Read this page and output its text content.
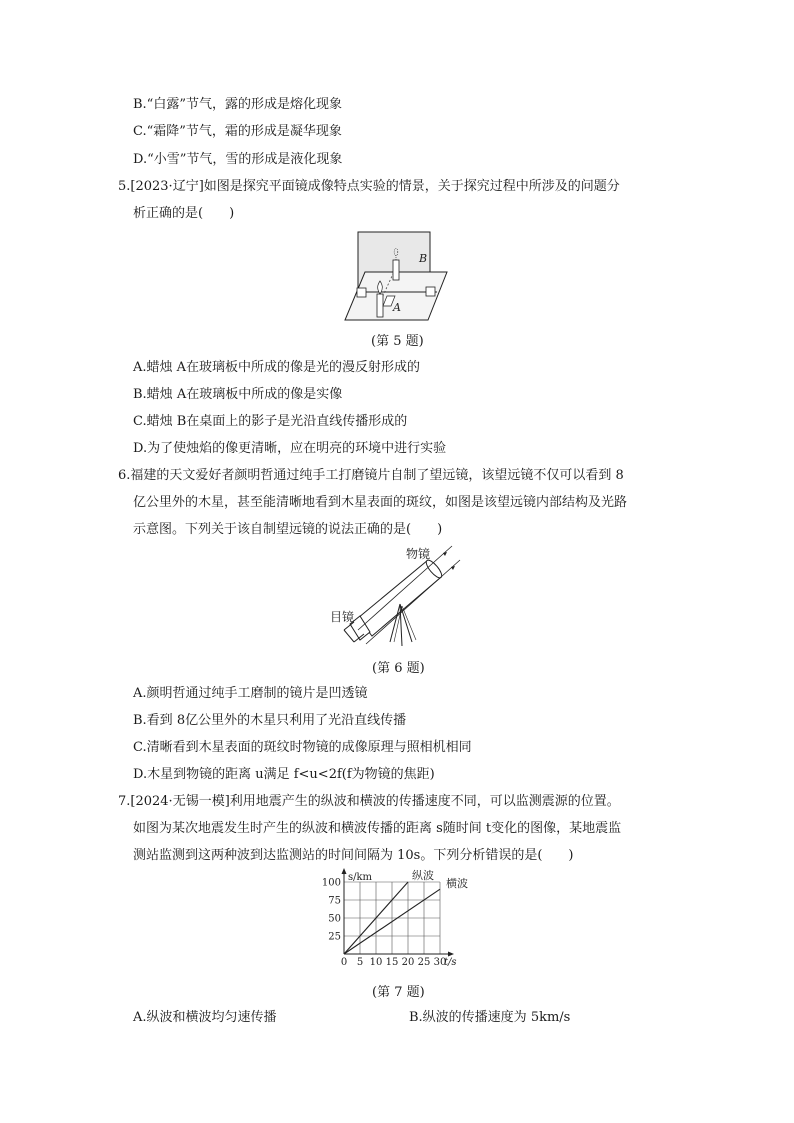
B.“白露”节气，露的形成是熔化现象
C.“霜降”节气，霜的形成是凝华现象
D.“小雪”节气，雪的形成是液化现象
5.[2023·辽宁]如图是探究平面镜成像特点实验的情景，关于探究过程中所涉及的问题分
析正确的是(　　)
B
A
(第 5 题)
A.蜡烛 A在玻璃板中所成的像是光的漫反射形成的
B.蜡烛 A在玻璃板中所成的像是实像
C.蜡烛 B在桌面上的影子是光沿直线传播形成的
D.为了使烛焰的像更清晰，应在明亮的环境中进行实验
6.福建的天文爱好者颜明哲通过纯手工打磨镜片自制了望远镜，该望远镜不仅可以看到 8
亿公里外的木星，甚至能清晰地看到木星表面的斑纹，如图是该望远镜内部结构及光路
示意图。下列关于该自制望远镜的说法正确的是(　　)
物镜
目镜
(第 6 题)
A.颜明哲通过纯手工磨制的镜片是凹透镜
B.看到 8亿公里外的木星只利用了光沿直线传播
C.清晰看到木星表面的斑纹时物镜的成像原理与照相机相同
D.木星到物镜的距离 u满足 f<u<2f(f为物镜的焦距)
7.[2024·无锡一模]利用地震产生的纵波和横波的传播速度不同，可以监测震源的位置。
如图为某次地震发生时产生的纵波和横波传播的距离 s随时间 t变化的图像，某地震监
测站监测到这两种波到达监测站的时间间隔为 10s。下列分析错误的是(　　)
0 5 10 15 20 25 30
25
50
75
100 s/km
t/s
纵波
横波
(第 7 题)
A.纵波和横波均匀速传播	B.纵波的传播速度为 5km/s
